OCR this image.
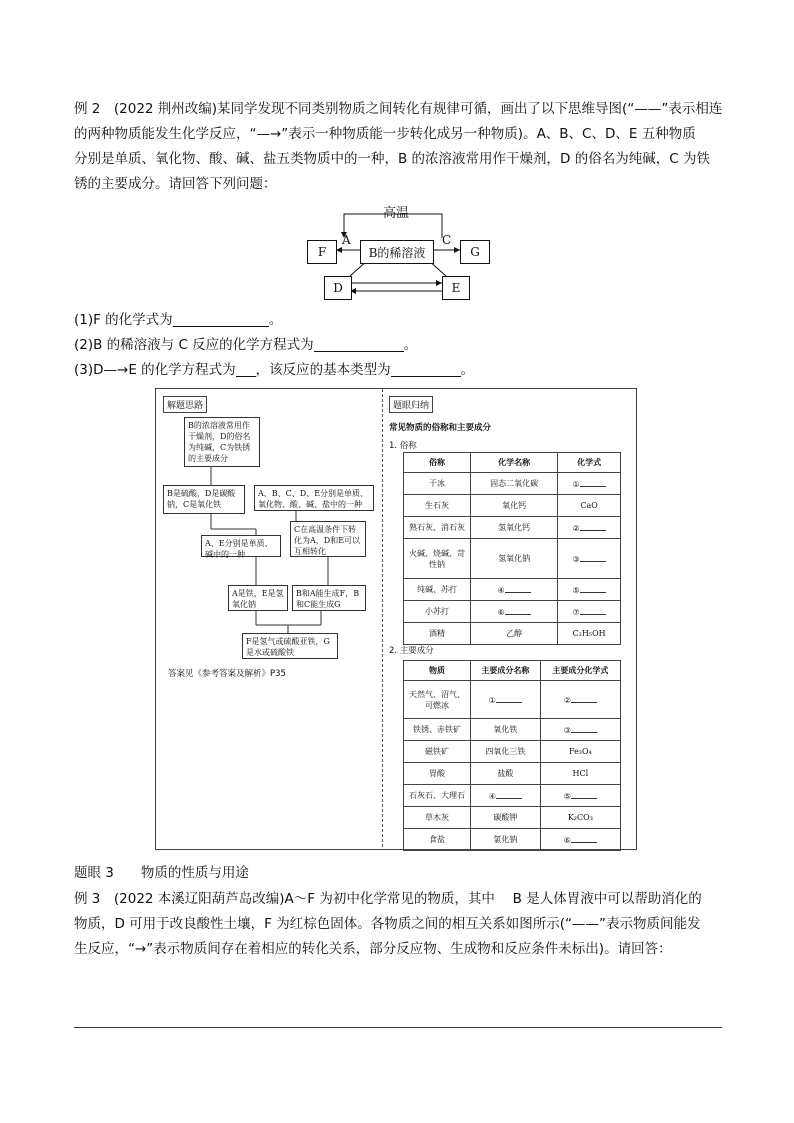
例 2　(2022 荆州改编)某同学发现不同类别物质之间转化有规律可循，画出了以下思维导图(“——”表示相连
的两种物质能发生化学反应，“—→”表示一种物质能一步转化成另一种物质)。A、B、C、D、E 五种物质
分别是单质、氧化物、酸、碱、盐五类物质中的一种，B 的浓溶液常用作干燥剂，D 的俗名为纯碱，C 为铁
锈的主要成分。请回答下列问题：
高温
F	B的稀溶液	G
D	E
A	C
(1)F 的化学式为	。
(2)B 的稀溶液与 C 反应的化学方程式为	。
(3)D—→E 的化学方程式为 ，该反应的基本类型为	。
解题思路	题眼归纳
B的浓溶液常用作干燥剂，D的俗名为纯碱，C为铁锈的主要成分
B是硫酸，D是碳酸钠，C是氧化铁
A、B、C、D、E分别是单质、氧化物、酸、碱、盐中的一种
A、E分别是单质、碱中的一种
C在高温条件下转化为A，D和E可以互相转化
A是铁，E是氢氧化钠
B和A能生成F，B和C能生成G
F是氢气或硫酸亚铁，G是水或硫酸铁
答案见《参考答案及解析》P35
常见物质的俗称和主要成分
1. 俗称
俗称	化学名称	化学式
干冰	固态二氧化碳	①
生石灰	氧化钙	CaO
熟石灰、消石灰	氢氧化钙	②
火碱、烧碱、苛性钠	氢氧化钠	③
纯碱、苏打	④	⑤
小苏打	⑥	⑦
酒精	乙醇	C₂H₅OH
2. 主要成分
物质	主要成分名称	主要成分化学式
天然气、沼气、可燃冰	①	②
铁锈、赤铁矿	氧化铁	③
磁铁矿	四氧化三铁	Fe₃O₄
胃酸	盐酸	HCl
石灰石、大理石	④	⑤
草木灰	碳酸钾	K₂CO₃
食盐	氯化钠	⑥
题眼 3　　物质的性质与用途
例 3　(2022 本溪辽阳葫芦岛改编)A～F 为初中化学常见的物质，其中　 B 是人体胃液中可以帮助消化的
物质，D 可用于改良酸性土壤，F 为红棕色固体。各物质之间的相互关系如图所示(“——”表示物质间能发
生反应，“→”表示物质间存在着相应的转化关系，部分反应物、生成物和反应条件未标出)。请回答：
